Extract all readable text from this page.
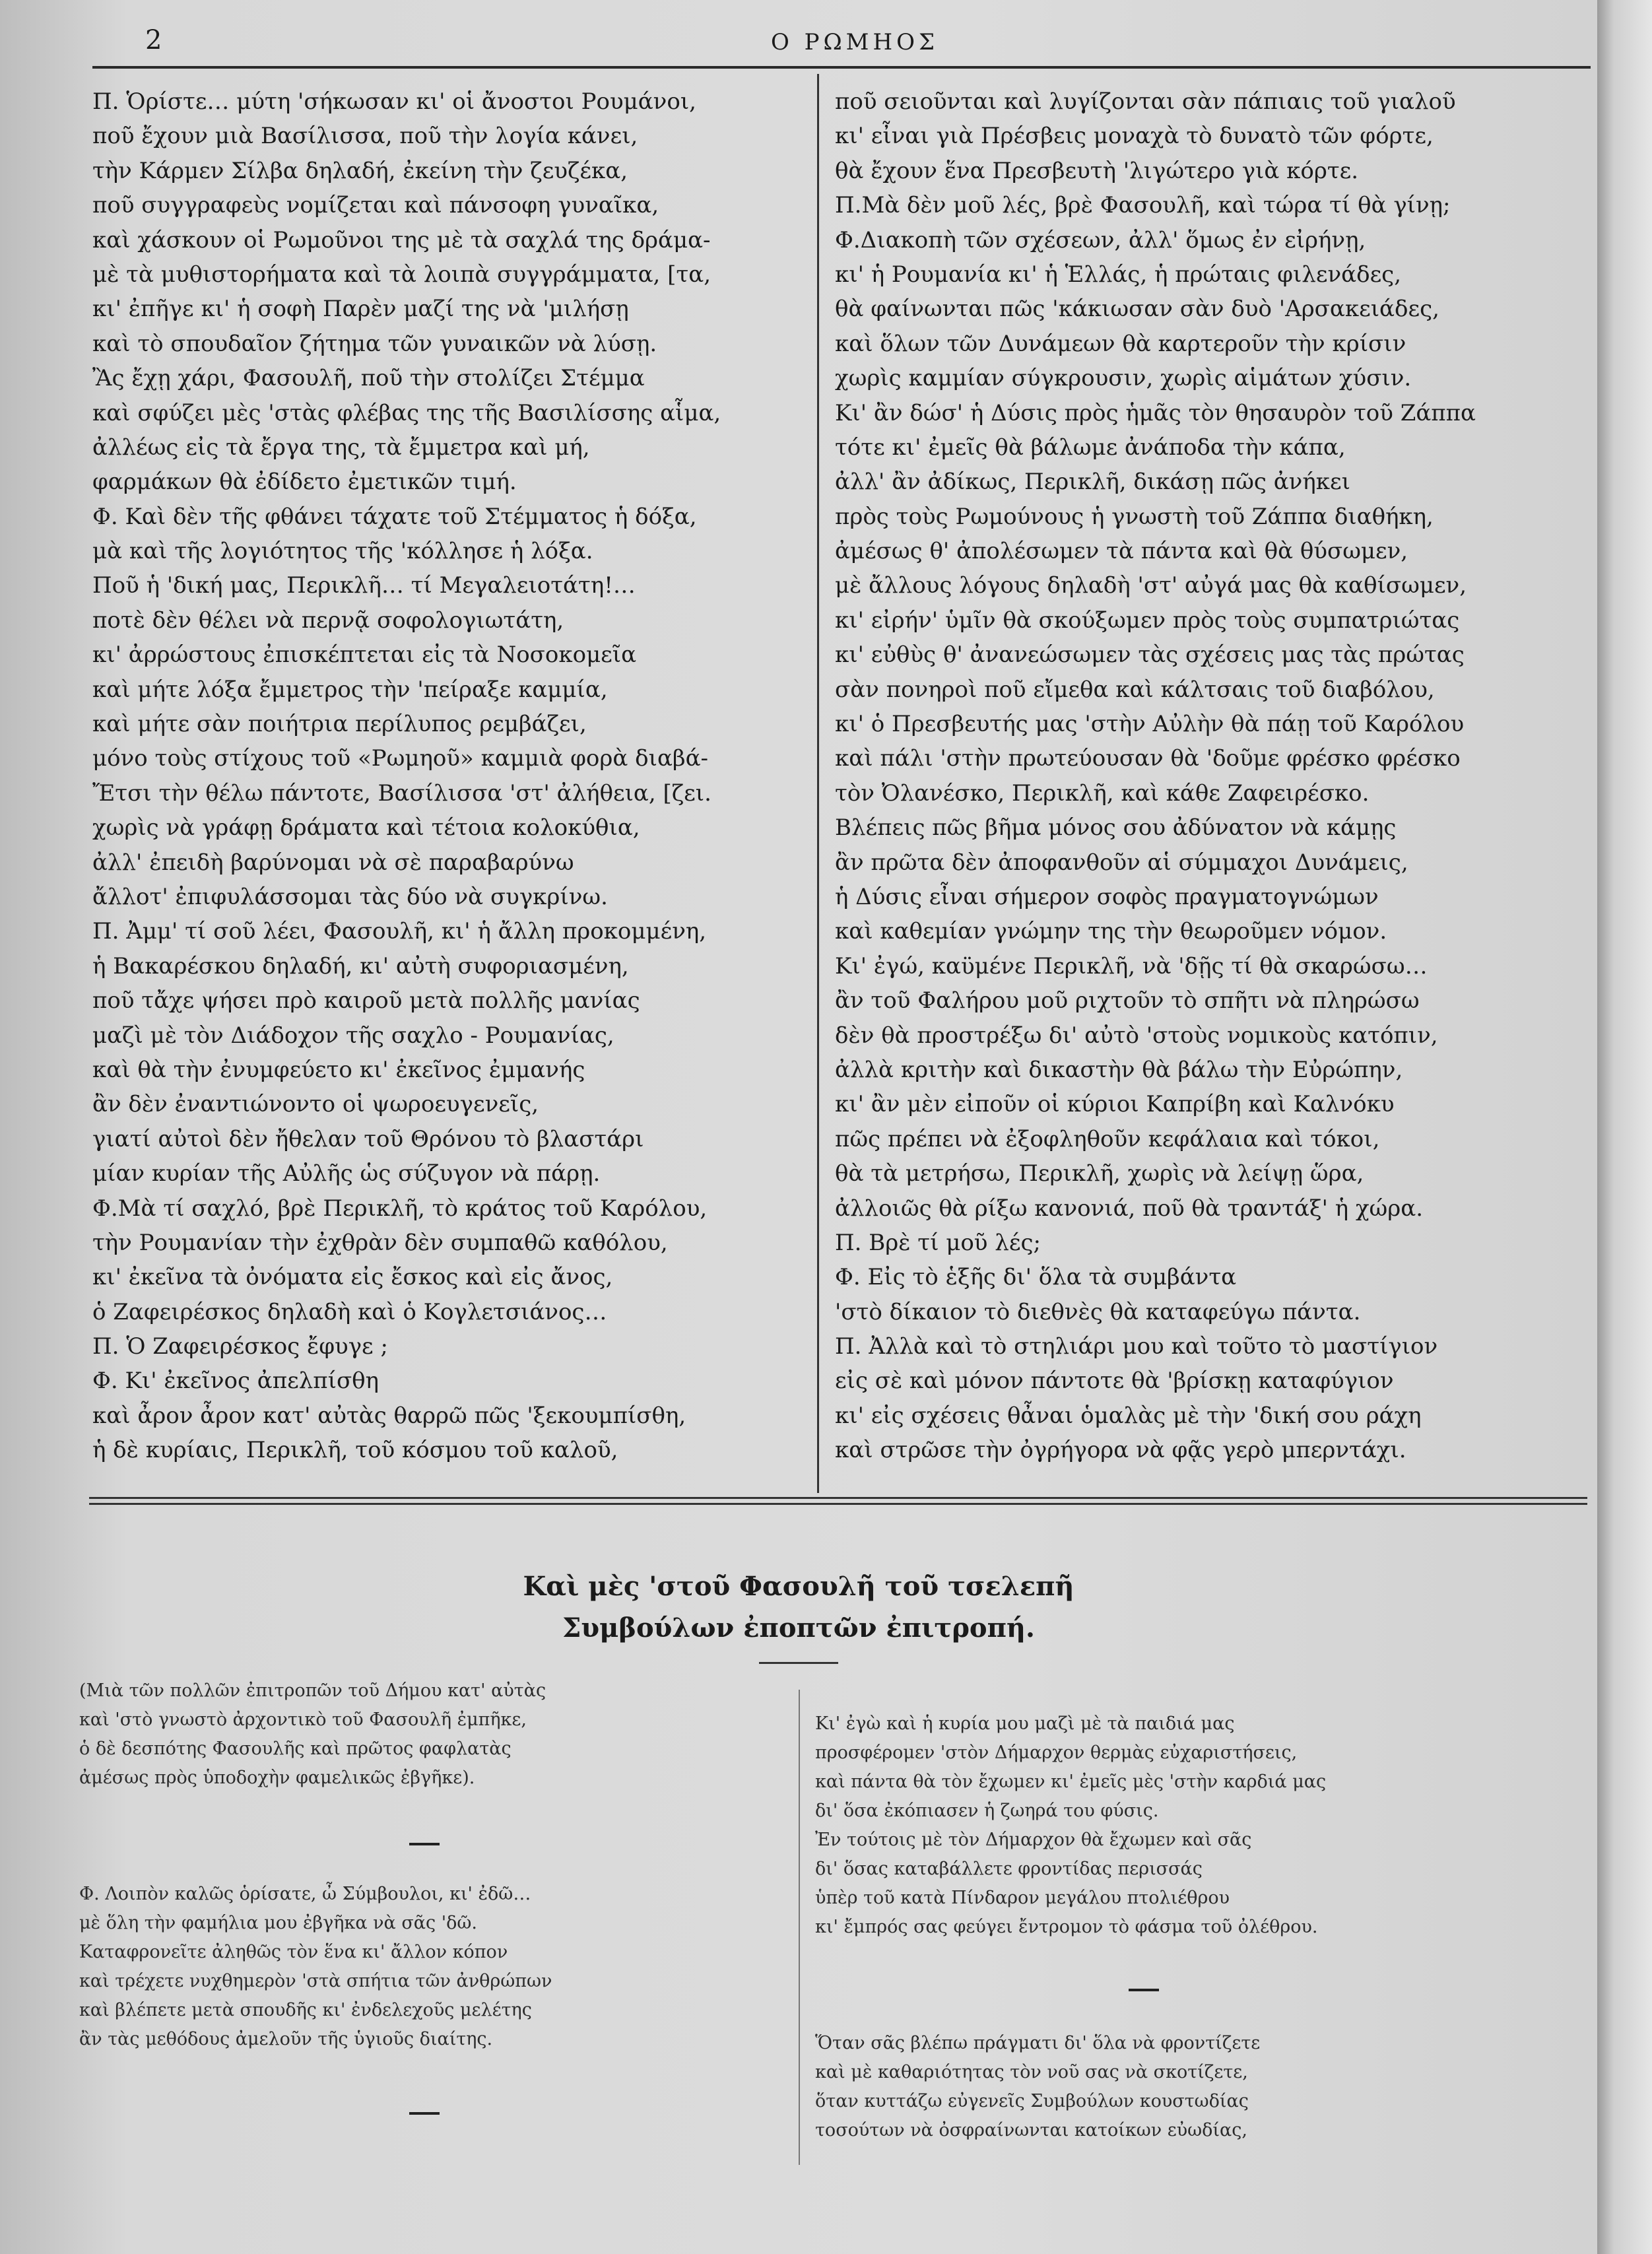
2	Ο ΡΩΜΗΟΣ
Π. Ὁρίστε… μύτη 'σήκωσαν κι' οἱ ἄνοστοι Ρουμάνοι,
ποῦ ἔχουν μιὰ Βασίλισσα, ποῦ τὴν λογία κάνει,
τὴν Κάρμεν Σίλβα δηλαδή, ἐκείνη τὴν ζευζέκα,
ποῦ συγγραφεὺς νομίζεται καὶ πάνσοφη γυναῖκα,
καὶ χάσκουν οἱ Ρωμοῦνοι της μὲ τὰ σαχλά της δράμα-
μὲ τὰ μυθιστορήματα καὶ τὰ λοιπὰ συγγράμματα, [τα,
κι' ἐπῆγε κι' ἡ σοφὴ Παρὲν μαζί της νὰ 'μιλήσῃ
καὶ τὸ σπουδαῖον ζήτημα τῶν γυναικῶν νὰ λύσῃ.
Ἂς ἔχῃ χάρι, Φασουλῆ, ποῦ τὴν στολίζει Στέμμα
καὶ σφύζει μὲς 'στὰς φλέβας της τῆς Βασιλίσσης αἷμα,
ἀλλέως εἰς τὰ ἔργα της, τὰ ἔμμετρα καὶ μή,
φαρμάκων θὰ ἐδίδετο ἐμετικῶν τιμή.
Φ. Καὶ δὲν τῆς φθάνει τάχατε τοῦ Στέμματος ἡ δόξα,
μὰ καὶ τῆς λογιότητος τῆς 'κόλλησε ἡ λόξα.
Ποῦ ἡ 'δική μας, Περικλῆ… τί Μεγαλειοτάτη!…
ποτὲ δὲν θέλει νὰ περνᾷ σοφολογιωτάτη,
κι' ἀρρώστους ἐπισκέπτεται εἰς τὰ Νοσοκομεῖα
καὶ μήτε λόξα ἔμμετρος τὴν 'πείραξε καμμία,
καὶ μήτε σὰν ποιήτρια περίλυπος ρεμβάζει,
μόνο τοὺς στίχους τοῦ «Ρωμηοῦ» καμμιὰ φορὰ διαβά-
Ἔτσι τὴν θέλω πάντοτε, Βασίλισσα 'στ' ἀλήθεια, [ζει.
χωρὶς νὰ γράφῃ δράματα καὶ τέτοια κολοκύθια,
ἀλλ' ἐπειδὴ βαρύνομαι νὰ σὲ παραβαρύνω
ἄλλοτ' ἐπιφυλάσσομαι τὰς δύο νὰ συγκρίνω.
Π. Ἀμμ' τί σοῦ λέει, Φασουλῆ, κι' ἡ ἄλλη προκομμένη,
ἡ Βακαρέσκου δηλαδή, κι' αὐτὴ συφοριασμένη,
ποῦ τἄχε ψήσει πρὸ καιροῦ μετὰ πολλῆς μανίας
μαζὶ μὲ τὸν Διάδοχον τῆς σαχλο - Ρουμανίας,
καὶ θὰ τὴν ἐνυμφεύετο κι' ἐκεῖνος ἐμμανής
ἂν δὲν ἐναντιώνοντο οἱ ψωροευγενεῖς,
γιατί αὐτοὶ δὲν ἤθελαν τοῦ Θρόνου τὸ βλαστάρι
μίαν κυρίαν τῆς Αὐλῆς ὡς σύζυγον νὰ πάρῃ.
Φ.Μὰ τί σαχλό, βρὲ Περικλῆ, τὸ κράτος τοῦ Καρόλου,
τὴν Ρουμανίαν τὴν ἐχθρὰν δὲν συμπαθῶ καθόλου,
κι' ἐκεῖνα τὰ ὀνόματα εἰς ἔσκος καὶ εἰς ἄνος,
ὁ Ζαφειρέσκος δηλαδὴ καὶ ὁ Κογλετσιάνος…
Π. Ὁ Ζαφειρέσκος ἔφυγε ;
Φ. Κι' ἐκεῖνος ἀπελπίσθη
καὶ ἆρον ἆρον κατ' αὐτὰς θαρρῶ πῶς 'ξεκουμπίσθη,
ἡ δὲ κυρίαις, Περικλῆ, τοῦ κόσμου τοῦ καλοῦ,
ποῦ σειοῦνται καὶ λυγίζονται σὰν πάπιαις τοῦ γιαλοῦ
κι' εἶναι γιὰ Πρέσβεις μοναχὰ τὸ δυνατὸ τῶν φόρτε,
θὰ ἔχουν ἕνα Πρεσβευτὴ 'λιγώτερο γιὰ κόρτε.
Π.Μὰ δὲν μοῦ λές, βρὲ Φασουλῆ, καὶ τώρα τί θὰ γίνῃ;
Φ.Διακοπὴ τῶν σχέσεων, ἀλλ' ὅμως ἐν εἰρήνῃ,
κι' ἡ Ρουμανία κι' ἡ Ἑλλάς, ἡ πρώταις φιλενάδες,
θὰ φαίνωνται πῶς 'κάκιωσαν σὰν δυὸ 'Αρσακειάδες,
καὶ ὅλων τῶν Δυνάμεων θὰ καρτεροῦν τὴν κρίσιν
χωρὶς καμμίαν σύγκρουσιν, χωρὶς αἱμάτων χύσιν.
Κι' ἂν δώσ' ἡ Δύσις πρὸς ἡμᾶς τὸν θησαυρὸν τοῦ Ζάππα
τότε κι' ἐμεῖς θὰ βάλωμε ἀνάποδα τὴν κάπα,
ἀλλ' ἂν ἀδίκως, Περικλῆ, δικάσῃ πῶς ἀνήκει
πρὸς τοὺς Ρωμούνους ἡ γνωστὴ τοῦ Ζάππα διαθήκη,
ἀμέσως θ' ἀπολέσωμεν τὰ πάντα καὶ θὰ θύσωμεν,
μὲ ἄλλους λόγους δηλαδὴ 'στ' αὐγά μας θὰ καθίσωμεν,
κι' εἰρήν' ὑμῖν θὰ σκούξωμεν πρὸς τοὺς συμπατριώτας
κι' εὐθὺς θ' ἀνανεώσωμεν τὰς σχέσεις μας τὰς πρώτας
σὰν πονηροὶ ποῦ εἴμεθα καὶ κάλτσαις τοῦ διαβόλου,
κι' ὁ Πρεσβευτής μας 'στὴν Αὐλὴν θὰ πάῃ τοῦ Καρόλου
καὶ πάλι 'στὴν πρωτεύουσαν θὰ 'δοῦμε φρέσκο φρέσκο
τὸν Ὀλανέσκο, Περικλῆ, καὶ κάθε Ζαφειρέσκο.
Βλέπεις πῶς βῆμα μόνος σου ἀδύνατον νὰ κάμῃς
ἂν πρῶτα δὲν ἀποφανθοῦν αἱ σύμμαχοι Δυνάμεις,
ἡ Δύσις εἶναι σήμερον σοφὸς πραγματογνώμων
καὶ καθεμίαν γνώμην της τὴν θεωροῦμεν νόμον.
Κι' ἐγώ, καϋμένε Περικλῆ, νὰ 'δῇς τί θὰ σκαρώσω…
ἂν τοῦ Φαλήρου μοῦ ριχτοῦν τὸ σπῆτι νὰ πληρώσω
δὲν θὰ προστρέξω δι' αὐτὸ 'στοὺς νομικοὺς κατόπιν,
ἀλλὰ κριτὴν καὶ δικαστὴν θὰ βάλω τὴν Εὐρώπην,
κι' ἂν μὲν εἰποῦν οἱ κύριοι Καπρίβη καὶ Καλνόκυ
πῶς πρέπει νὰ ἐξοφληθοῦν κεφάλαια καὶ τόκοι,
θὰ τὰ μετρήσω, Περικλῆ, χωρὶς νὰ λείψῃ ὥρα,
ἀλλοιῶς θὰ ρίξω κανονιά, ποῦ θὰ τραντάξ' ἡ χώρα.
Π. Βρὲ τί μοῦ λές;
Φ. Εἰς τὸ ἑξῆς δι' ὅλα τὰ συμβάντα
'στὸ δίκαιον τὸ διεθνὲς θὰ καταφεύγω πάντα.
Π. Ἀλλὰ καὶ τὸ στηλιάρι μου καὶ τοῦτο τὸ μαστίγιον
εἰς σὲ καὶ μόνον πάντοτε θὰ 'βρίσκῃ καταφύγιον
κι' εἰς σχέσεις θἆναι ὁμαλὰς μὲ τὴν 'δική σου ράχη
καὶ στρῶσε τὴν ὀγρήγορα νὰ φᾷς γερὸ μπερντάχι.
Καὶ μὲς 'στοῦ Φασουλῆ τοῦ τσελεπῆ
Συμβούλων ἐποπτῶν ἐπιτροπή.
(Μιὰ τῶν πολλῶν ἐπιτροπῶν τοῦ Δήμου κατ' αὐτὰς
καὶ 'στὸ γνωστὸ ἀρχοντικὸ τοῦ Φασουλῆ ἐμπῆκε,
ὁ δὲ δεσπότης Φασουλῆς καὶ πρῶτος φαφλατὰς
ἀμέσως πρὸς ὑποδοχὴν φαμελικῶς ἐβγῆκε).
Φ. Λοιπὸν καλῶς ὁρίσατε, ὦ Σύμβουλοι, κι' ἐδῶ…
μὲ ὅλη τὴν φαμήλια μου ἐβγῆκα νὰ σᾶς 'δῶ.
Καταφρονεῖτε ἀληθῶς τὸν ἕνα κι' ἄλλον κόπον
καὶ τρέχετε νυχθημερὸν 'στὰ σπήτια τῶν ἀνθρώπων
καὶ βλέπετε μετὰ σπουδῆς κι' ἐνδελεχοῦς μελέτης
ἂν τὰς μεθόδους ἀμελοῦν τῆς ὑγιοῦς διαίτης.
Κι' ἐγὼ καὶ ἡ κυρία μου μαζὶ μὲ τὰ παιδιά μας
προσφέρομεν 'στὸν Δήμαρχον θερμὰς εὐχαριστήσεις,
καὶ πάντα θὰ τὸν ἔχωμεν κι' ἐμεῖς μὲς 'στὴν καρδιά μας
δι' ὅσα ἐκόπιασεν ἡ ζωηρά του φύσις.
Ἐν τούτοις μὲ τὸν Δήμαρχον θὰ ἔχωμεν καὶ σᾶς
δι' ὅσας καταβάλλετε φροντίδας περισσάς
ὑπὲρ τοῦ κατὰ Πίνδαρον μεγάλου πτολιέθρου
κι' ἔμπρός σας φεύγει ἔντρομον τὸ φάσμα τοῦ ὀλέθρου.
Ὅταν σᾶς βλέπω πράγματι δι' ὅλα νὰ φροντίζετε
καὶ μὲ καθαριότητας τὸν νοῦ σας νὰ σκοτίζετε,
ὅταν κυττάζω εὐγενεῖς Συμβούλων κουστωδίας
τοσούτων νὰ ὀσφραίνωνται κατοίκων εὐωδίας,
